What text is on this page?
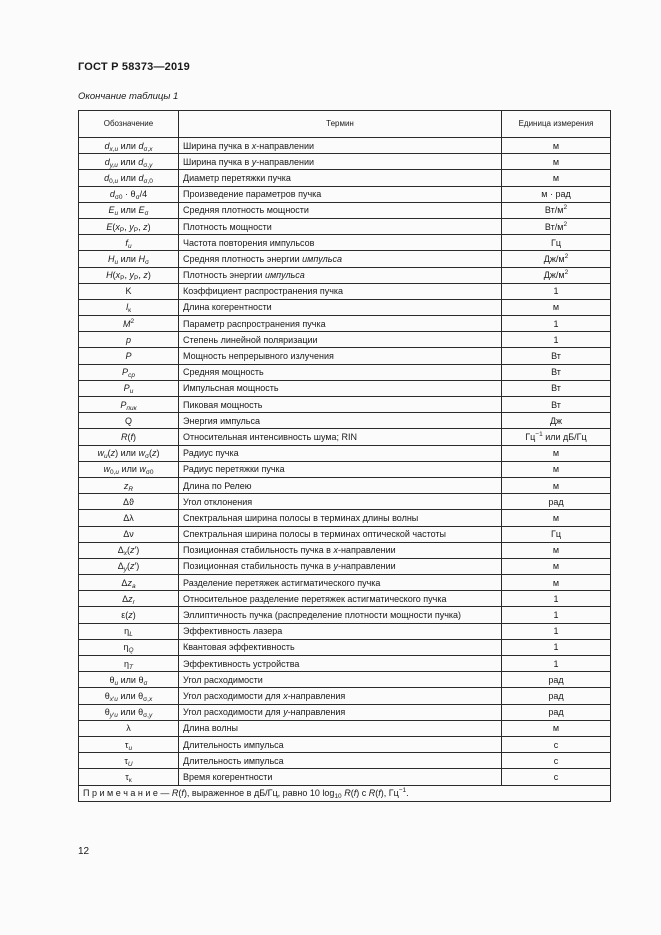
ГОСТ Р 58373—2019
Окончание таблицы 1
Обозначение	Термин	Единица измерения
$d_{x,u}$ или $d_{\sigma,x}$	Ширина пучка в х-направлении	м
$d_{y,u}$ или $d_{\sigma,y}$	Ширина пучка в у-направлении	м
$d_{0,u}$ или $d_{\sigma,0}$	Диаметр перетяжки пучка	м
$d_{\sigma 0} \cdot \theta_\sigma/4$	Произведение параметров пучка	м · рад
$E_u$ или $E_\sigma$	Средняя плотность мощности	$Вт/м^2$
$E(x_P$, $y_P$, z)	Плотность мощности	$Вт/м^2$
$f_и$	Частота повторения импульсов	Гц
$H_u$ или $H_\sigma$	Средняя плотность энергии импульса	$Дж/м^2$
$H(x_P$, $y_P$, z)	Плотность энергии импульса	$Дж/м^2$
K	Коэффициент распространения пучка	1
$l_к$	Длина когерентности	м
$M^2$	Параметр распространения пучка	1
p	Степень линейной поляризации	1
P	Мощность непрерывного излучения	Вт
$P_{ср}$	Средняя мощность	Вт
$P_и$	Импульсная мощность	Вт
$P_{пик}$	Пиковая мощность	Вт
Q	Энергия импульса	Дж
R(f)	Относительная интенсивность шума; RIN	$Гц^{-1}$ или дБ/Гц
$w_u(z)$ или $w_\sigma(z)$	Радиус пучка	м
$w_{0,u}$ или $w_{\sigma 0}$	Радиус перетяжки пучка	м
$z_R$	Длина по Релею	м
Δϑ	Угол отклонения	рад
Δλ	Спектральная ширина полосы в терминах длины волны	м
Δν	Спектральная ширина полосы в терминах оптической частоты	Гц
$\Delta_x(z')$	Позиционная стабильность пучка в х-направлении	м
$\Delta_y(z')$	Позиционная стабильность пучка в у-направлении	м
$\Delta z_a$	Разделение перетяжек астигматического пучка	м
$\Delta z_r$	Относительное разделение перетяжек астигматического пучка	1
ε(z)	Эллиптичность пучка (распределение плотности мощности пучка)	1
$\eta_L$	Эффективность лазера	1
$\eta_Q$	Квантовая эффективность	1
$\eta_T$	Эффективность устройства	1
$\theta_u$ или $\theta_\sigma$	Угол расходимости	рад
$\theta_{x'u}$ или $\theta_{\sigma,x}$	Угол расходимости для х-направления	рад
$\theta_{y'u}$ или $\theta_{\sigma,y}$	Угол расходимости для у-направления	рад
λ	Длина волны	м
$\tau_и$	Длительность импульса	с
$\tau_U$	Длительность импульса	с
$\tau_к$	Время когерентности	с
П р и м е ч а н и е — R(f), выраженное в дБ/Гц, равно 10 $\log_{10} R(f)$ с R(f), $Гц^{-1}$.		
12
